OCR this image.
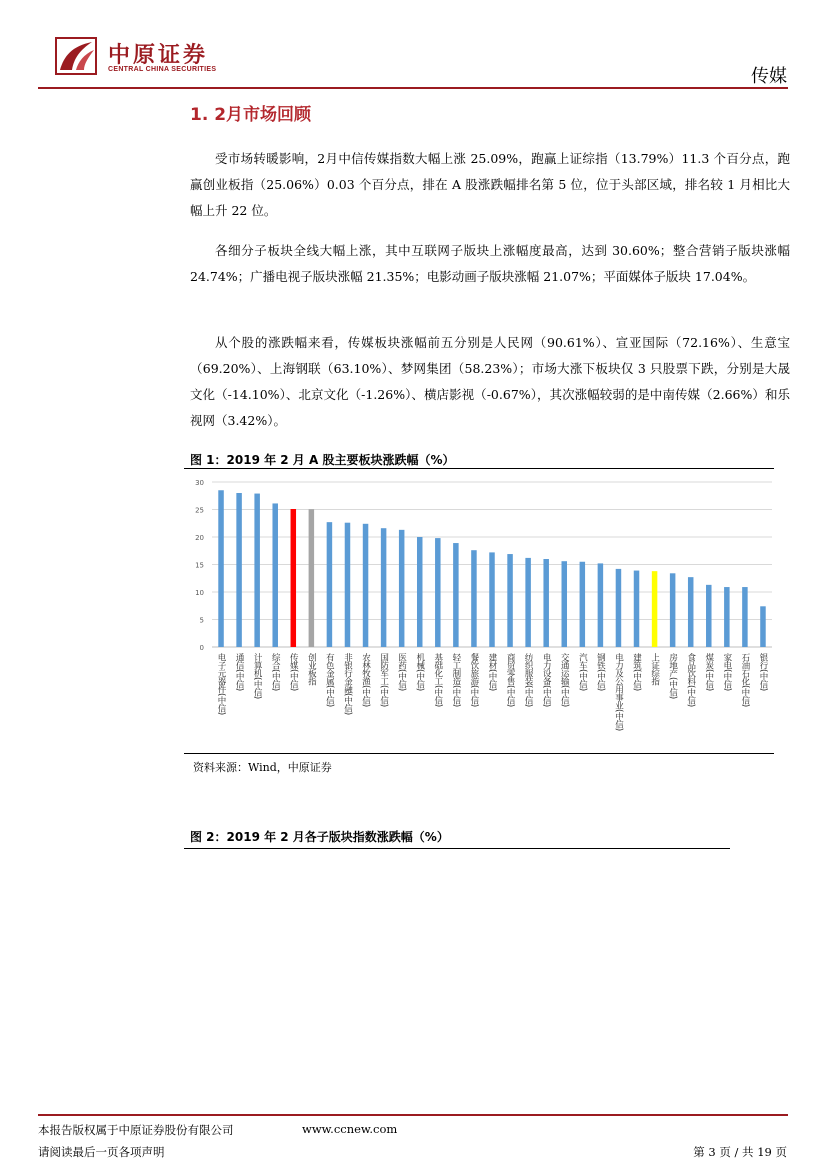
中原证券
CENTRAL CHINA SECURITIES	传媒
1. 2月市场回顾
受市场转暖影响，2月中信传媒指数大幅上涨 25.09%，跑赢上证综指（13.79%）11.3 个百分点，跑赢创业板指（25.06%）0.03 个百分点，排在 A 股涨跌幅排名第 5 位，位于头部区域，排名较 1 月相比大幅上升 22 位。
各细分子板块全线大幅上涨，其中互联网子版块上涨幅度最高，达到 30.60%；整合营销子版块涨幅 24.74%；广播电视子版块涨幅 21.35%；电影动画子版块涨幅 21.07%；平面媒体子版块 17.04%。
从个股的涨跌幅来看，传媒板块涨幅前五分别是人民网（90.61%）、宣亚国际（72.16%）、生意宝（69.20%）、上海钢联（63.10%）、梦网集团（58.23%）；市场大涨下板块仅 3 只股票下跌，分别是大晟文化（-14.10%）、北京文化（-1.26%）、横店影视（-0.67%），其次涨幅较弱的是中南传媒（2.66%）和乐视网（3.42%）。
图 1：2019 年 2 月 A 股主要板块涨跌幅（%）
0
5
10
15
20
25
30
电子元器件(中信) 通信(中信) 计算机(中信) 综合(中信) 传媒(中信) 创业板指 有色金属(中信) 非银行金融(中信) 农林牧渔(中信) 国防军工(中信) 医药(中信) 机械(中信) 基础化工(中信) 轻工制造(中信) 餐饮旅游(中信) 建材(中信) 商贸零售(中信) 纺织服装(中信) 电力设备(中信) 交通运输(中信) 汽车(中信) 钢铁(中信) 电力及公用事业(中信) 建筑(中信) 上证综指 房地产(中信) 食品饮料(中信) 煤炭(中信) 家电(中信) 石油石化(中信) 银行(中信)
资料来源：Wind，中原证券
图 2：2019 年 2 月各子版块指数涨跌幅（%）
本报告版权属于中原证券股份有限公司	www.ccnew.com
请阅读最后一页各项声明	第 3 页 / 共 19 页
